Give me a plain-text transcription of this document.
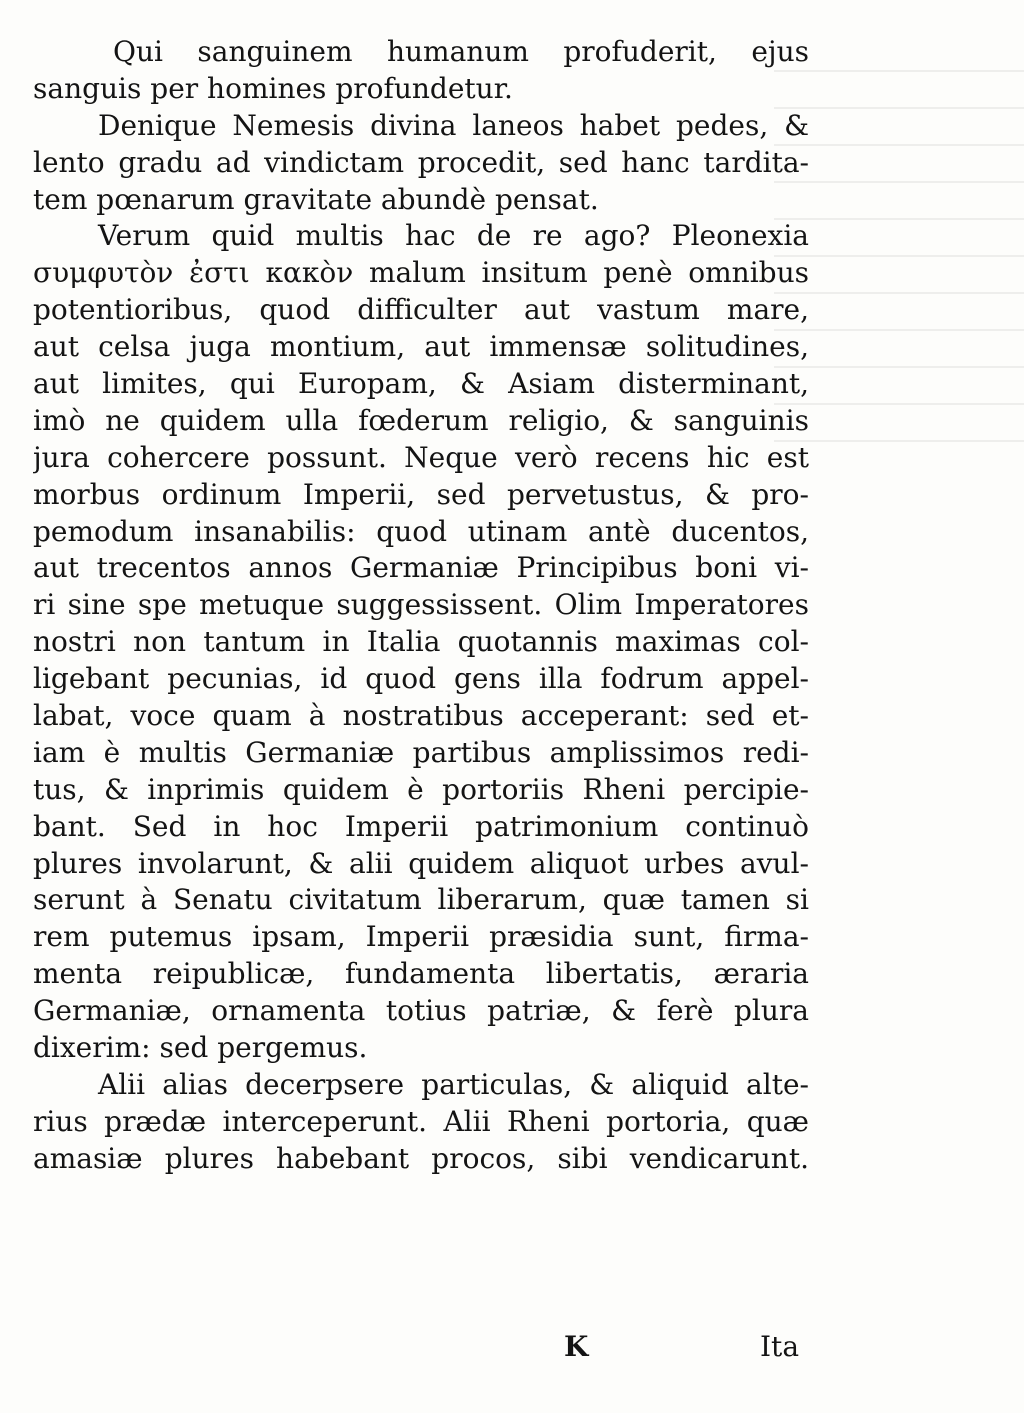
Qui sanguinem humanum profuderit, ejus
sanguis per homines profundetur.
Denique Nemesis divina laneos habet pedes, &
lento gradu ad vindictam procedit, sed hanc tardita-
tem pœnarum gravitate abundè pensat.
Verum quid multis hac de re ago? Pleonexia
συμφυτὸν ἐστι κακὸν malum insitum penè omnibus
potentioribus, quod difficulter aut vastum mare,
aut celsa juga montium, aut immensæ solitudines,
aut limites, qui Europam, & Asiam disterminant,
imò ne quidem ulla fœderum religio, & sanguinis
jura cohercere possunt. Neque verò recens hic est
morbus ordinum Imperii, sed pervetustus, & pro-
pemodum insanabilis: quod utinam antè ducentos,
aut trecentos annos Germaniæ Principibus boni vi-
ri sine spe metuque suggessissent. Olim Imperatores
nostri non tantum in Italia quotannis maximas col-
ligebant pecunias, id quod gens illa fodrum appel-
labat, voce quam à nostratibus acceperant: sed et-
iam è multis Germaniæ partibus amplissimos redi-
tus, & inprimis quidem è portoriis Rheni percipie-
bant. Sed in hoc Imperii patrimonium continuò
plures involarunt, & alii quidem aliquot urbes avul-
serunt à Senatu civitatum liberarum, quæ tamen si
rem putemus ipsam, Imperii præsidia sunt, firma-
menta reipublicæ, fundamenta libertatis, æraria
Germaniæ, ornamenta totius patriæ, & ferè plura
dixerim: sed pergemus.
Alii alias decerpsere particulas, & aliquid alte-
rius prædæ interceperunt. Alii Rheni portoria, quæ
amasiæ plures habebant procos, sibi vendicarunt.
K	Ita
